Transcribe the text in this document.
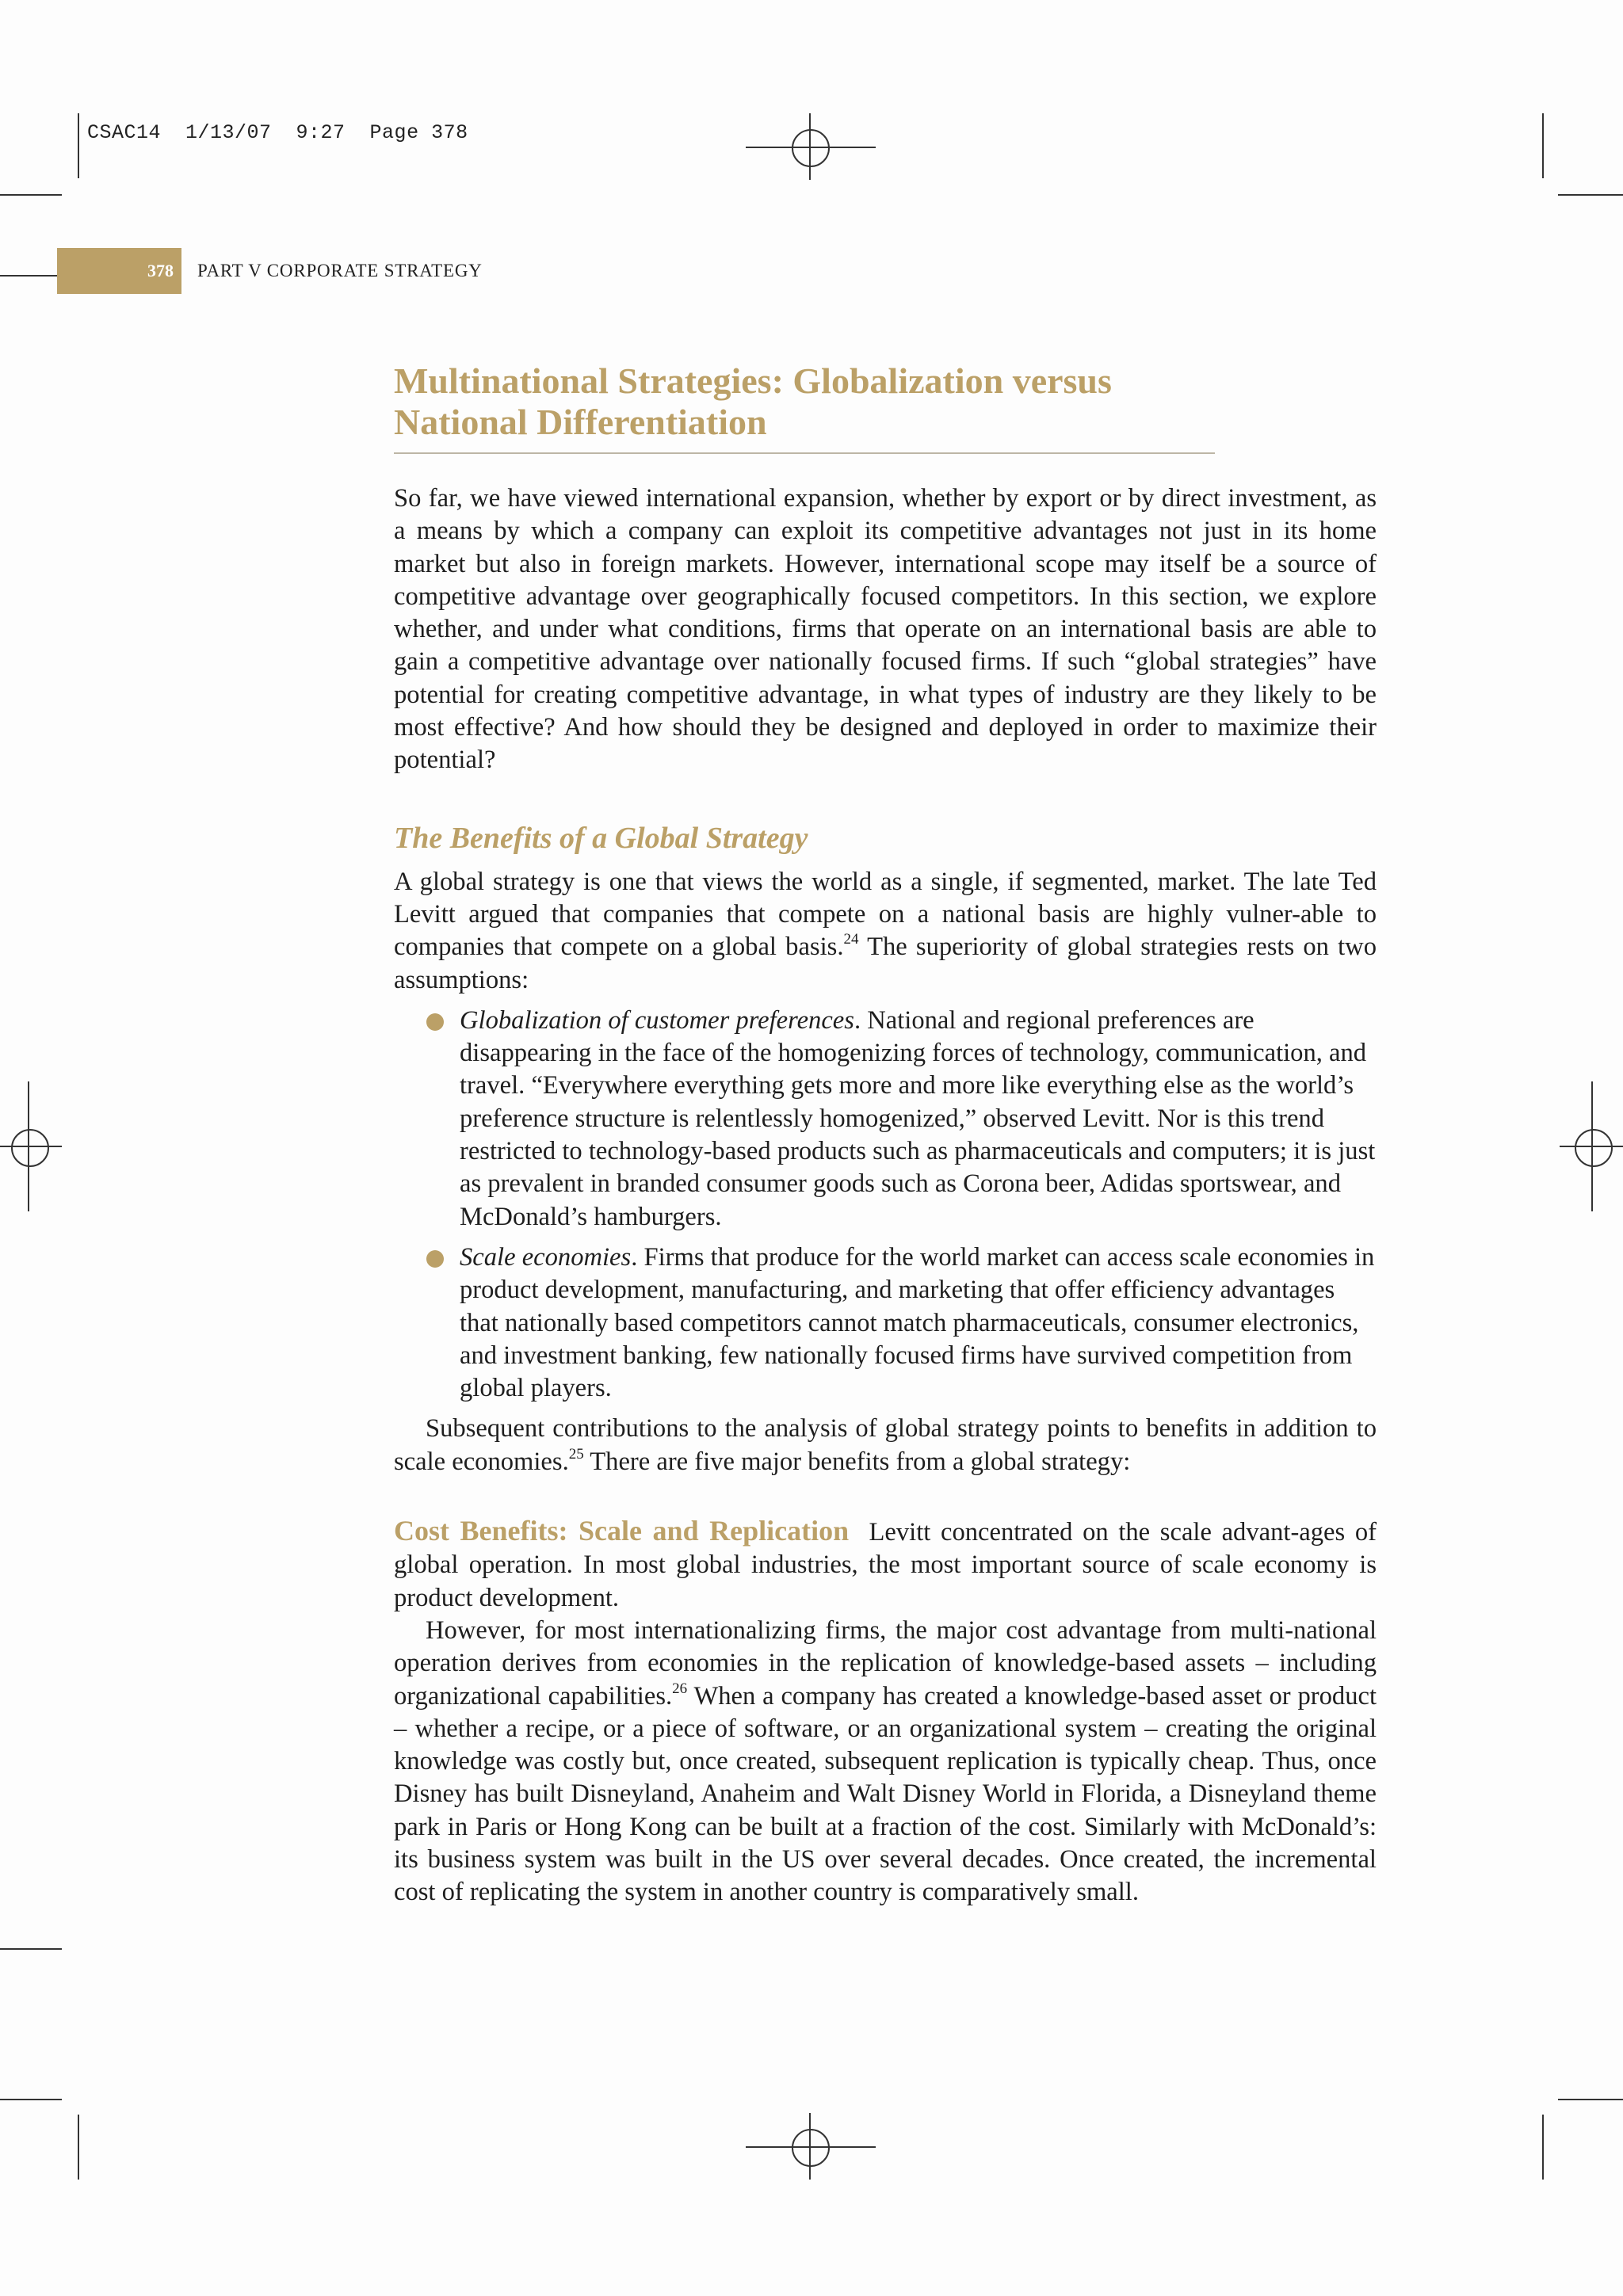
CSAC14  1/13/07  9:27  Page 378
378	PART V CORPORATE STRATEGY
Multinational Strategies: Globalization versus National Differentiation

So far, we have viewed international expansion, whether by export or by direct investment, as a means by which a company can exploit its competitive advantages not just in its home market but also in foreign markets. However, international scope may itself be a source of competitive advantage over geographically focused competitors. In this section, we explore whether, and under what conditions, firms that operate on an international basis are able to gain a competitive advantage over nationally focused firms. If such “global strategies” have potential for creating competitive advantage, in what types of industry are they likely to be most effective? And how should they be designed and deployed in order to maximize their potential?

The Benefits of a Global Strategy

A global strategy is one that views the world as a single, if segmented, market. The late Ted Levitt argued that companies that compete on a national basis are highly vulner-able to companies that compete on a global basis.$^{24}$ The superiority of global strategies rests on two assumptions:

Globalization of customer preferences. National and regional preferences are disappearing in the face of the homogenizing forces of technology, communication, and travel. “Everywhere everything gets more and more like everything else as the world’s preference structure is relentlessly homogenized,” observed Levitt. Nor is this trend restricted to technology-based products such as pharmaceuticals and computers; it is just as prevalent in branded consumer goods such as Corona beer, Adidas sportswear, and McDonald’s hamburgers.
Scale economies. Firms that produce for the world market can access scale economies in product development, manufacturing, and marketing that offer efficiency advantages that nationally based competitors cannot match pharmaceuticals, consumer electronics, and investment banking, few nationally focused firms have survived competition from global players.

Subsequent contributions to the analysis of global strategy points to benefits in addition to scale economies.$^{25}$ There are five major benefits from a global strategy:

Cost Benefits: Scale and Replication Levitt concentrated on the scale advant-ages of global operation. In most global industries, the most important source of scale economy is product development.

However, for most internationalizing firms, the major cost advantage from multi-national operation derives from economies in the replication of knowledge-based assets – including organizational capabilities.$^{26}$ When a company has created a knowledge-based asset or product – whether a recipe, or a piece of software, or an organizational system – creating the original knowledge was costly but, once created, subsequent replication is typically cheap. Thus, once Disney has built Disneyland, Anaheim and Walt Disney World in Florida, a Disneyland theme park in Paris or Hong Kong can be built at a fraction of the cost. Similarly with McDonald’s: its business system was built in the US over several decades. Once created, the incremental cost of replicating the system in another country is comparatively small.
